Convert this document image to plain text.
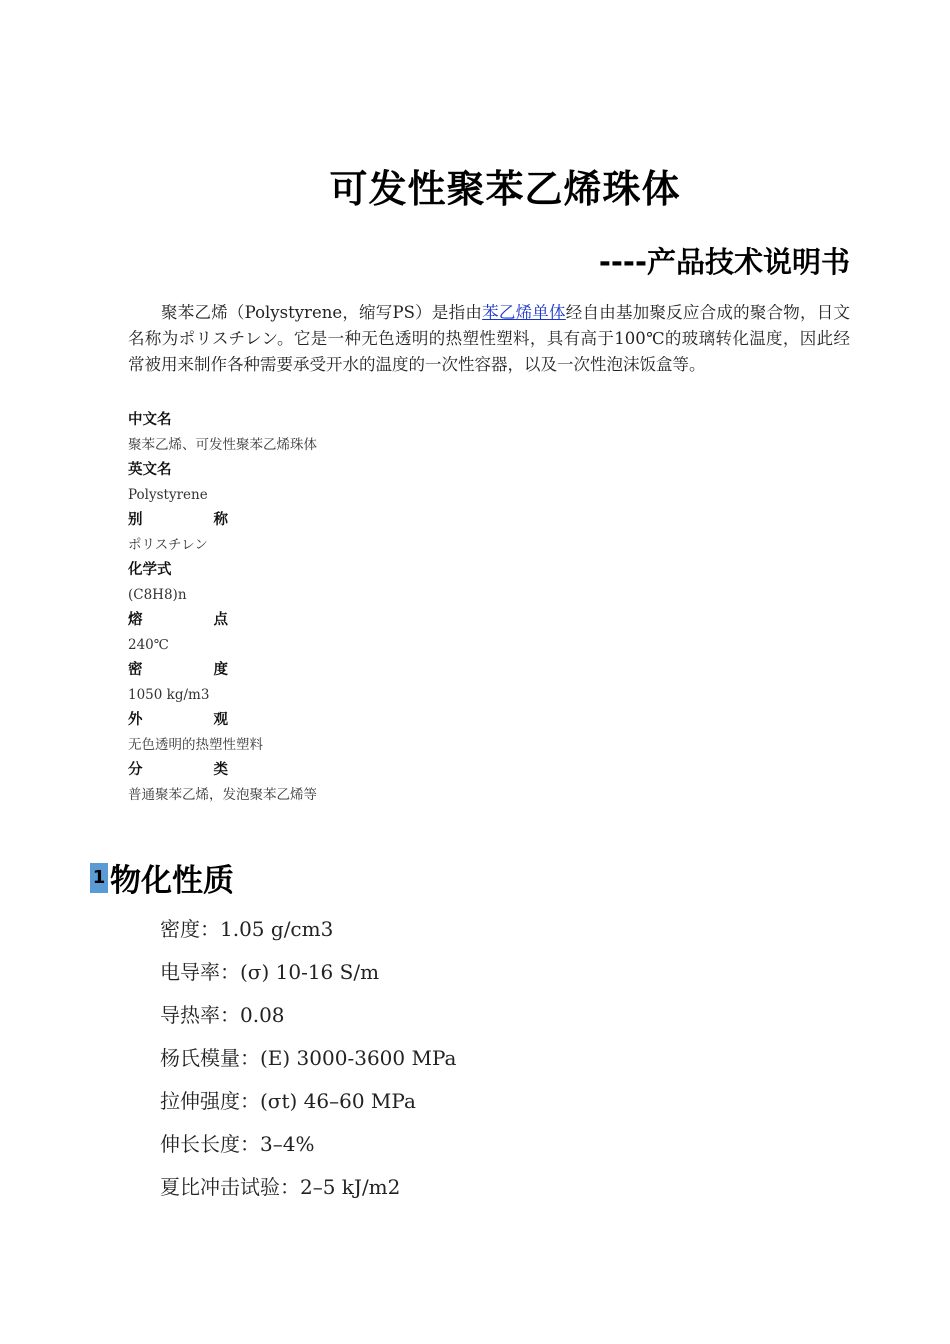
可发性聚苯乙烯珠体
----产品技术说明书

聚苯乙烯（Polystyrene，缩写PS）是指由苯乙烯单体经自由基加聚反应合成的聚合物，日文名称为ポリスチレン。它是一种无色透明的热塑性塑料，具有高于100℃的玻璃转化温度，因此经常被用来制作各种需要承受开水的温度的一次性容器，以及一次性泡沫饭盒等。

中文名
聚苯乙烯、可发性聚苯乙烯珠体
英文名
Polystyrene
别	称
ポリスチレン
化学式
(C8H8)n
熔	点
240℃
密	度
1050 kg/m3
外	观
无色透明的热塑性塑料
分	类
普通聚苯乙烯，发泡聚苯乙烯等
1 物化性质
密度：1.05 g/cm3
电导率：(σ) 10-16 S/m
导热率：0.08
杨氏模量：(E) 3000-3600 MPa
拉伸强度：(σt) 46–60 MPa
伸长长度：3–4%
夏比冲击试验：2–5 kJ/m2
